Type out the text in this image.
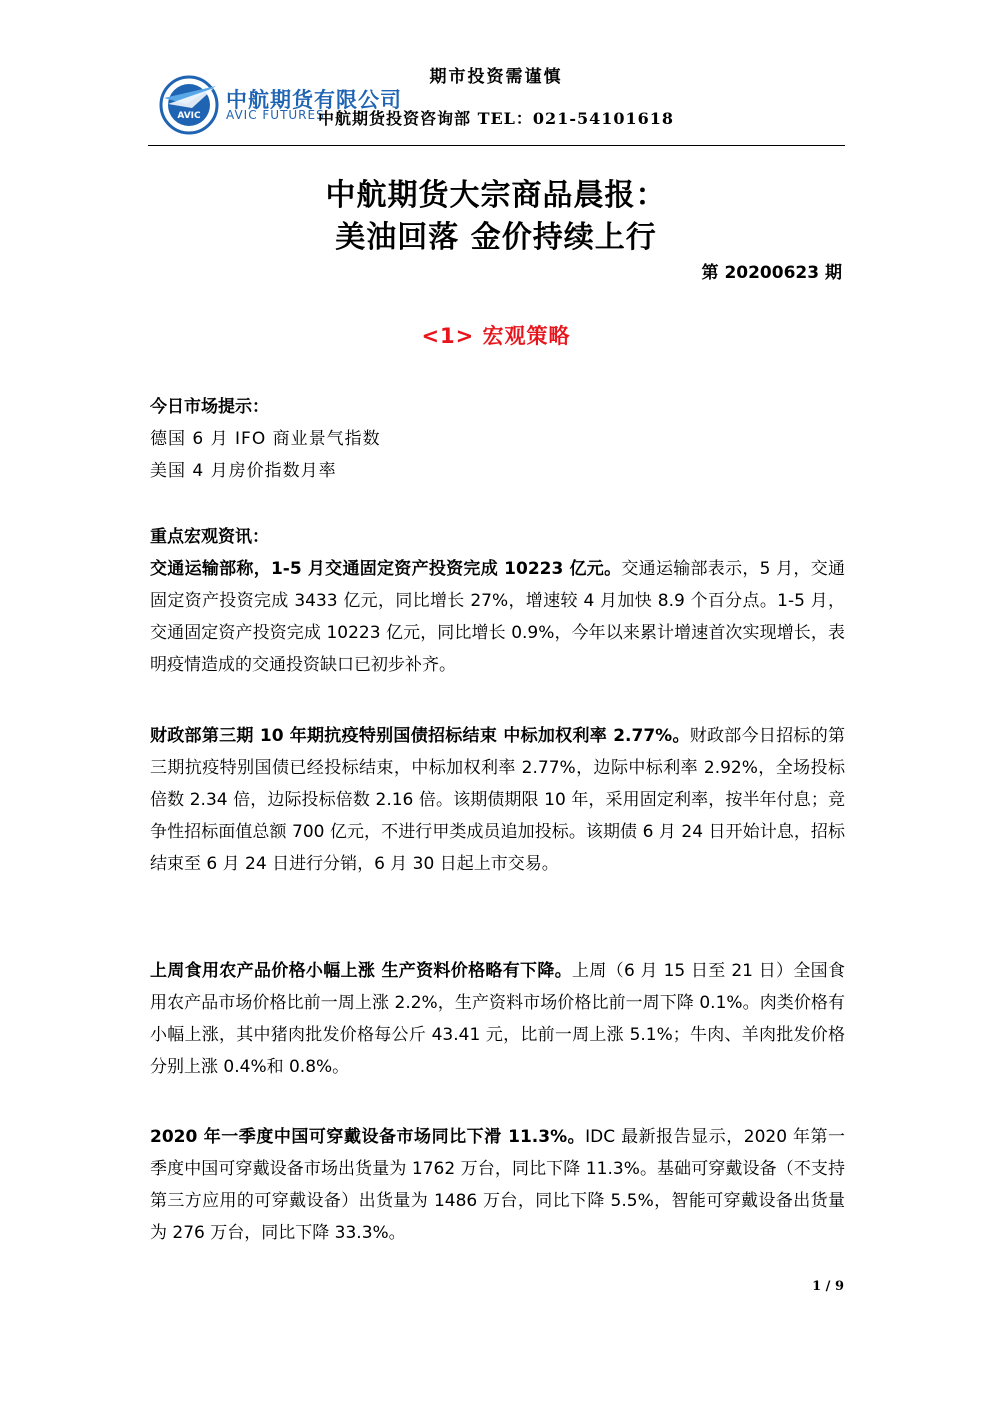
期市投资需谨慎
AVIC
中航期货有限公司
AVIC FUTURES
中航期货投资咨询部 TEL：021-54101618
中航期货大宗商品晨报：
美油回落 金价持续上行
第 20200623 期
<1> 宏观策略
今日市场提示：
德国 6 月 IFO 商业景气指数
美国 4 月房价指数月率
重点宏观资讯：
交通运输部称，1-5 月交通固定资产投资完成 10223 亿元。交通运输部表示，5 月，交通固定资产投资完成 3433 亿元，同比增长 27%，增速较 4 月加快 8.9 个百分点。1-5 月，交通固定资产投资完成 10223 亿元，同比增长 0.9%，今年以来累计增速首次实现增长，表明疫情造成的交通投资缺口已初步补齐。
财政部第三期 10 年期抗疫特别国债招标结束 中标加权利率 2.77%。财政部今日招标的第三期抗疫特别国债已经投标结束，中标加权利率 2.77%，边际中标利率 2.92%，全场投标倍数 2.34 倍，边际投标倍数 2.16 倍。该期债期限 10 年，采用固定利率，按半年付息；竞争性招标面值总额 700 亿元，不进行甲类成员追加投标。该期债 6 月 24 日开始计息，招标结束至 6 月 24 日进行分销，6 月 30 日起上市交易。
上周食用农产品价格小幅上涨 生产资料价格略有下降。上周（6 月 15 日至 21 日）全国食用农产品市场价格比前一周上涨 2.2%，生产资料市场价格比前一周下降 0.1%。肉类价格有小幅上涨，其中猪肉批发价格每公斤 43.41 元，比前一周上涨 5.1%；牛肉、羊肉批发价格分别上涨 0.4%和 0.8%。
2020 年一季度中国可穿戴设备市场同比下滑 11.3%。IDC 最新报告显示，2020 年第一季度中国可穿戴设备市场出货量为 1762 万台，同比下降 11.3%。基础可穿戴设备（不支持第三方应用的可穿戴设备）出货量为 1486 万台，同比下降 5.5%，智能可穿戴设备出货量为 276 万台，同比下降 33.3%。
1 / 9
